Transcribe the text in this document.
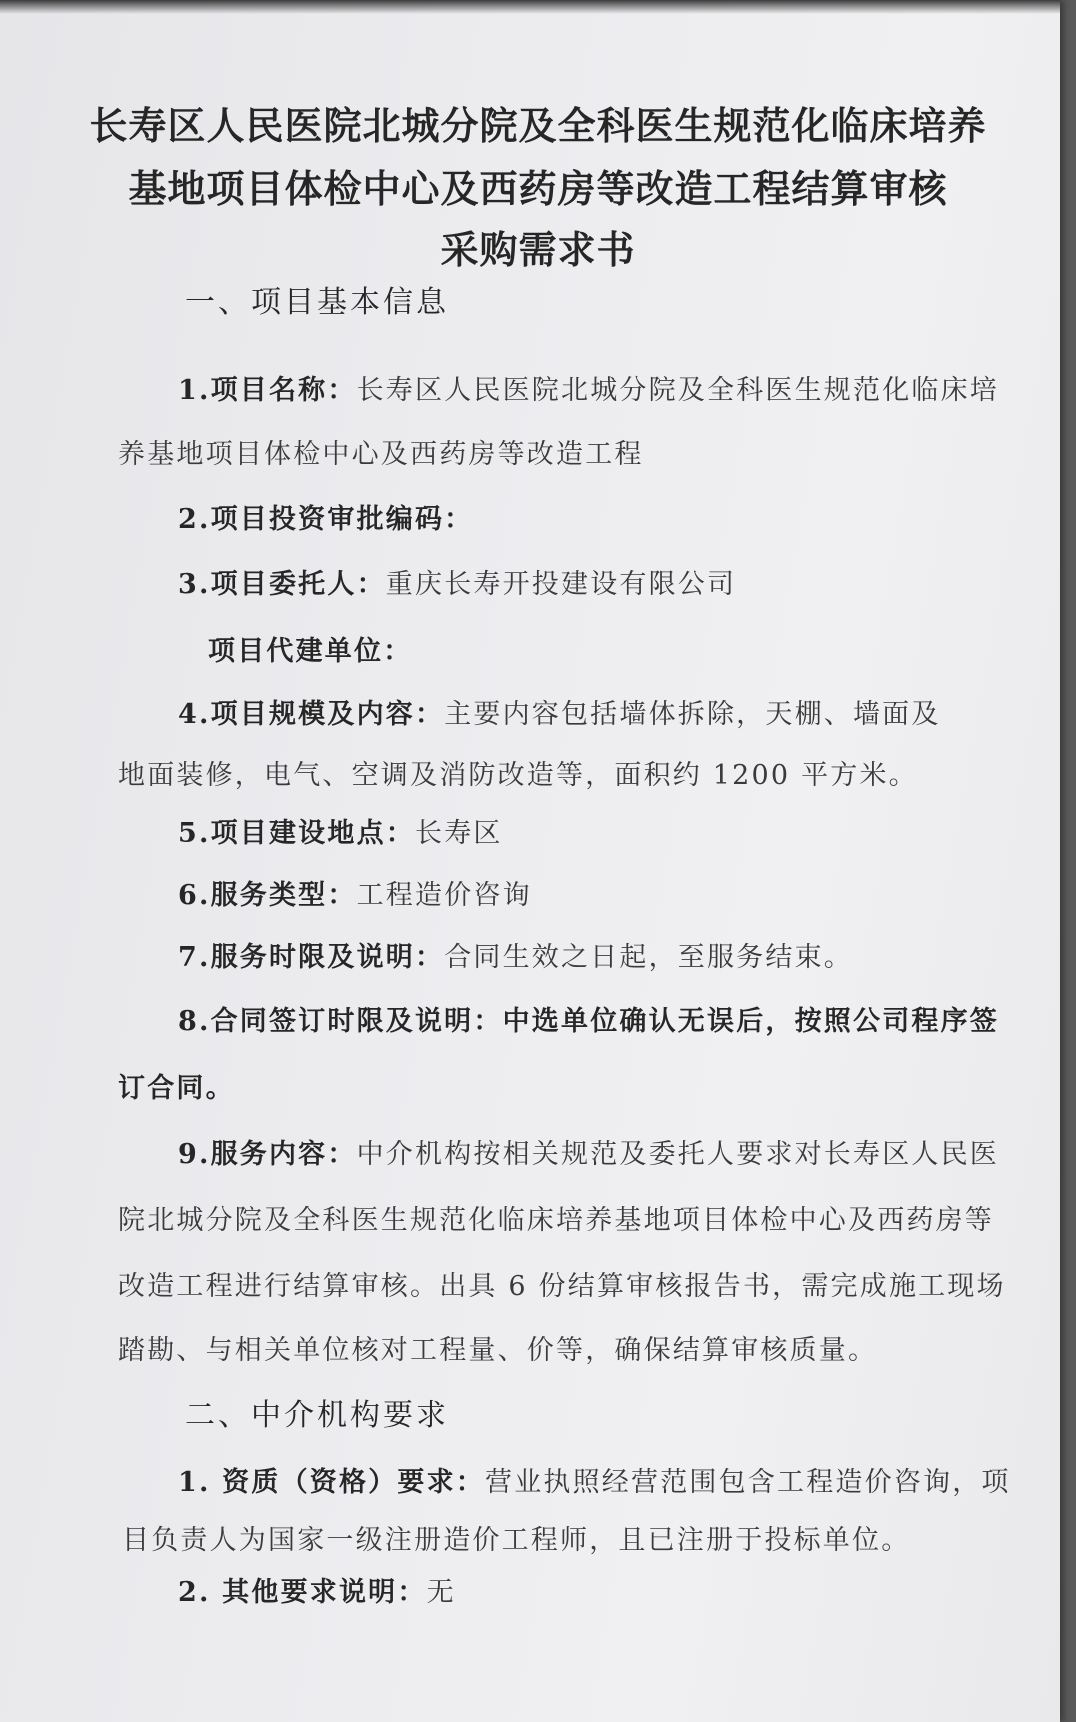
长寿区人民医院北城分院及全科医生规范化临床培养
基地项目体检中心及西药房等改造工程结算审核
采购需求书
一、项目基本信息
1.项目名称：长寿区人民医院北城分院及全科医生规范化临床培
养基地项目体检中心及西药房等改造工程
2.项目投资审批编码：
3.项目委托人：重庆长寿开投建设有限公司
项目代建单位：
4.项目规模及内容：主要内容包括墙体拆除，天棚、墙面及
地面装修，电气、空调及消防改造等，面积约 1200 平方米。
5.项目建设地点：长寿区
6.服务类型：工程造价咨询
7.服务时限及说明：合同生效之日起，至服务结束。
8.合同签订时限及说明：中选单位确认无误后，按照公司程序签
订合同。
9.服务内容：中介机构按相关规范及委托人要求对长寿区人民医
院北城分院及全科医生规范化临床培养基地项目体检中心及西药房等
改造工程进行结算审核。出具 6 份结算审核报告书，需完成施工现场
踏勘、与相关单位核对工程量、价等，确保结算审核质量。
二、中介机构要求
1. 资质（资格）要求：营业执照经营范围包含工程造价咨询，项
目负责人为国家一级注册造价工程师，且已注册于投标单位。
2. 其他要求说明：无
